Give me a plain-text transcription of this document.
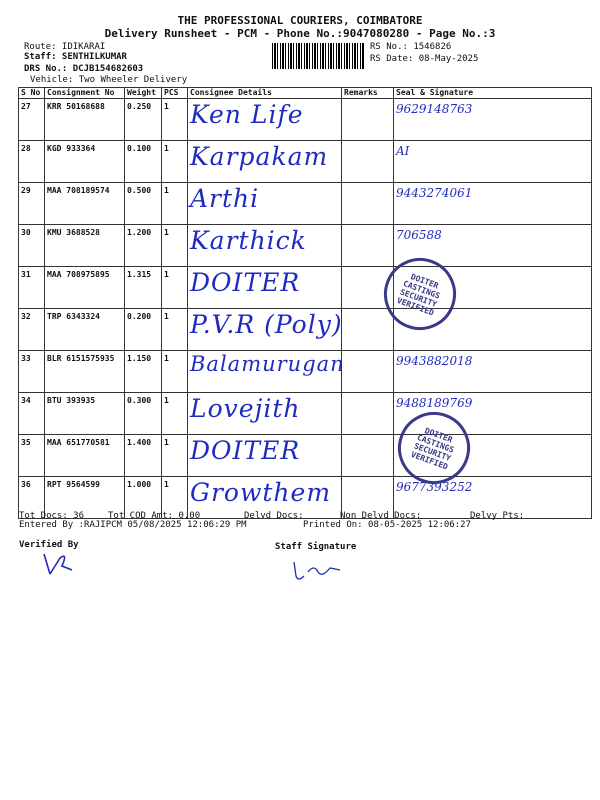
THE PROFESSIONAL COURIERS, COIMBATORE
Delivery Runsheet - PCM - Phone No.:9047080280 - Page No.:3
Route: IDIKARAI
Staff: SENTHILKUMAR
DRS No.: DCJB154682603
Vehicle: Two Wheeler Delivery
RS No.: 1546826
RS Date: 08-May-2025
S No	Consignment No	Weight	PCS	Consignee Details	Remarks	Seal & Signature
27	KRR 50168688	0.250	1	Ken Life		9629148763
28	KGD 933364	0.100	1	Karpakam		AI
29	MAA 708189574	0.500	1	Arthi		9443274061
30	KMU 3688528	1.200	1	Karthick		706588
31	MAA 708975895	1.315	1	DOITER		
32	TRP 6343324	0.200	1	P.V.R (Poly)		
33	BLR 6151575935	1.150	1	Balamurugan		9943882018
34	BTU 393935	0.300	1	Lovejith		9488189769
35	MAA 651770581	1.400	1	DOITER		
36	RPT 9564599	1.000	1	Growthem		9677393252
DOITER CASTINGS SECURITY VERIFIED
DOITER CASTINGS SECURITY VERIFIED
Tot Docs: 36	Tot COD Amt: 0.00	Delvd Docs:	Non Delvd Docs:	Delvy Pts:
Entered By :RAJIPCM 05/08/2025 12:06:29 PM	Printed On: 08-05-2025 12:06:27
Verified By	Staff Signature
